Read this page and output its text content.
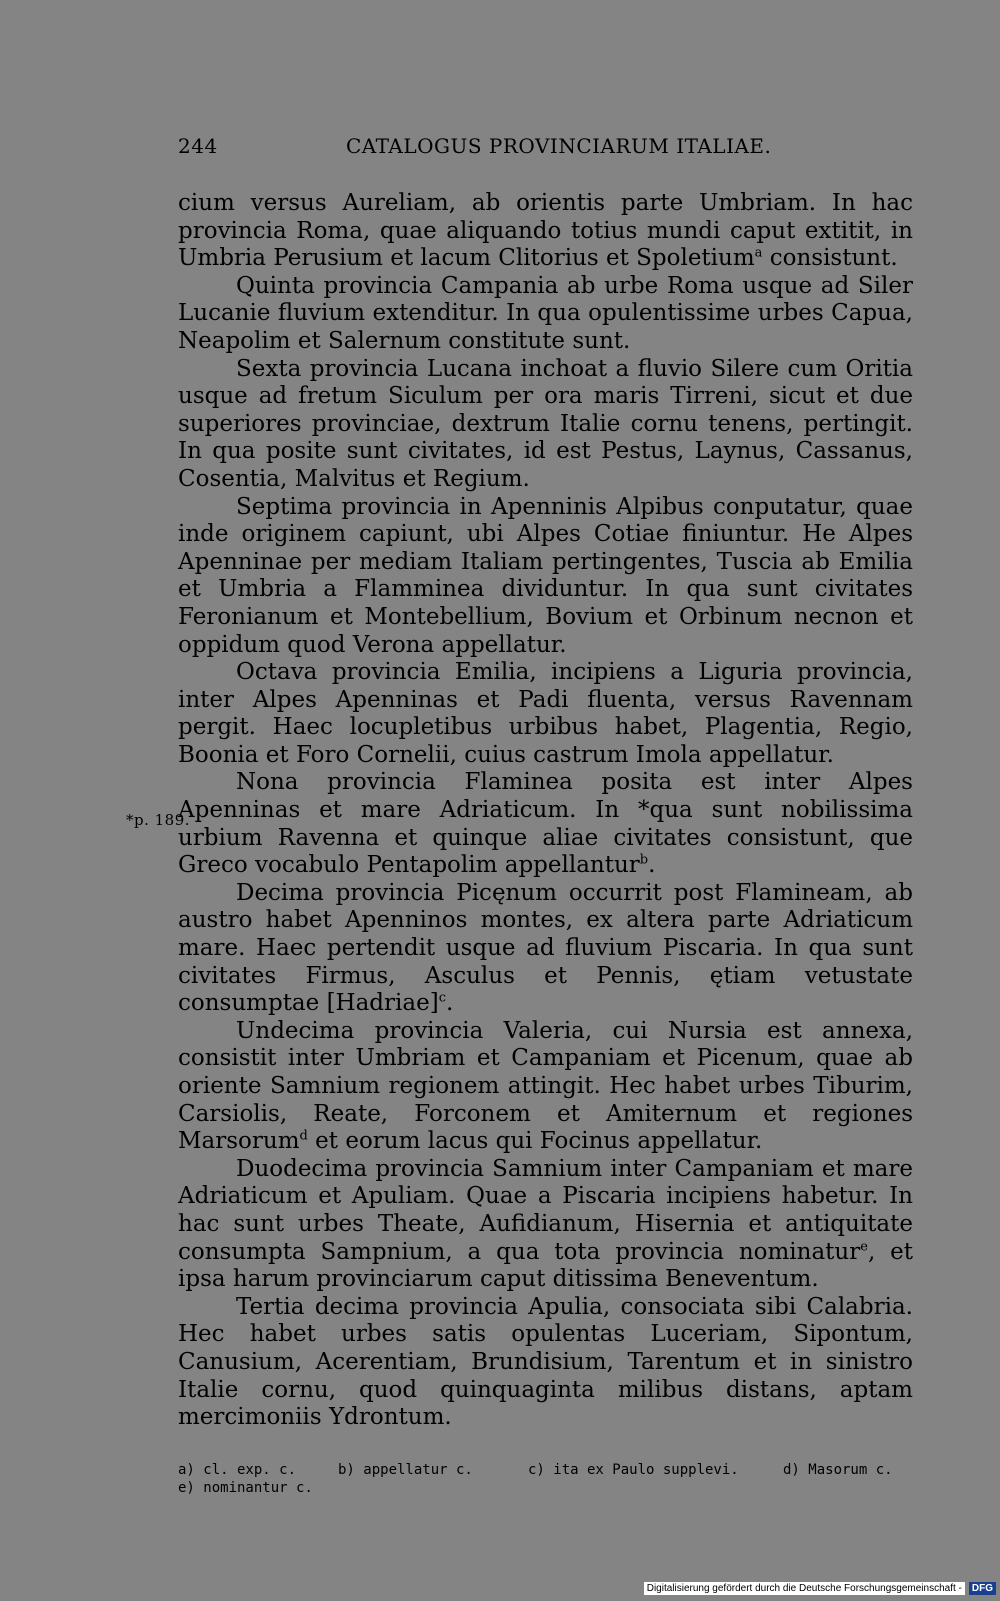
244	CATALOGUS PROVINCIARUM ITALIAE.
*p. 189.

cium versus Aureliam, ab orientis parte Umbriam. In hac provincia Roma, quae aliquando totius mundi caput extitit, in Umbria Perusium et lacum Clitorius et Spoletium$^a$ consistunt.

Quinta provincia Campania ab urbe Roma usque ad Siler Lucanie fluvium extenditur. In qua opulentissime urbes Capua, Neapolim et Salernum constitute sunt.

Sexta provincia Lucana inchoat a fluvio Silere cum Oritia usque ad fretum Siculum per ora maris Tirreni, sicut et due superiores provinciae, dextrum Italie cornu tenens, pertingit. In qua posite sunt civitates, id est Pestus, Laynus, Cassanus, Cosentia, Malvitus et Regium.

Septima provincia in Apenninis Alpibus conputatur, quae inde originem capiunt, ubi Alpes Cotiae finiuntur. He Alpes Apenninae per mediam Italiam pertingentes, Tuscia ab Emilia et Umbria a Flamminea dividuntur. In qua sunt civitates Feronianum et Montebellium, Bovium et Orbinum necnon et oppidum quod Verona appellatur.

Octava provincia Emilia, incipiens a Liguria provincia, inter Alpes Apenninas et Padi fluenta, versus Ravennam pergit. Haec locupletibus urbibus habet, Plagentia, Regio, Boonia et Foro Cornelii, cuius castrum Imola appellatur.

Nona provincia Flaminea posita est inter Alpes Apenninas et mare Adriaticum. In *qua sunt nobilissima urbium Ravenna et quinque aliae civitates consistunt, que Greco vocabulo Pentapolim appellantur$^b$.

Decima provincia Picęnum occurrit post Flamineam, ab austro habet Apenninos montes, ex altera parte Adriaticum mare. Haec pertendit usque ad fluvium Piscaria. In qua sunt civitates Firmus, Asculus et Pennis, ętiam vetustate consumptae [Hadriae]$^c$.

Undecima provincia Valeria, cui Nursia est annexa, consistit inter Umbriam et Campaniam et Picenum, quae ab oriente Samnium regionem attingit. Hec habet urbes Tiburim, Carsiolis, Reate, Forconem et Amiternum et regiones Marsorum$^d$ et eorum lacus qui Focinus appellatur.

Duodecima provincia Samnium inter Campaniam et mare Adriaticum et Apuliam. Quae a Piscaria incipiens habetur. In hac sunt urbes Theate, Aufidianum, Hisernia et antiquitate consumpta Sampnium, a qua tota provincia nominatur$^e$, et ipsa harum provinciarum caput ditissima Beneventum.

Tertia decima provincia Apulia, consociata sibi Calabria. Hec habet urbes satis opulentas Luceriam, Sipontum, Canusium, Acerentiam, Brundisium, Tarentum et in sinistro Italie cornu, quod quinquaginta milibus distans, aptam mercimoniis Ydrontum.

a) cl. exp. c.	b) appellatur c.	c) ita ex Paulo supplevi.	d) Masorum c.
e) nominantur c.
Digitalisierung gefördert durch die Deutsche Forschungsgemeinschaft -	DFG
